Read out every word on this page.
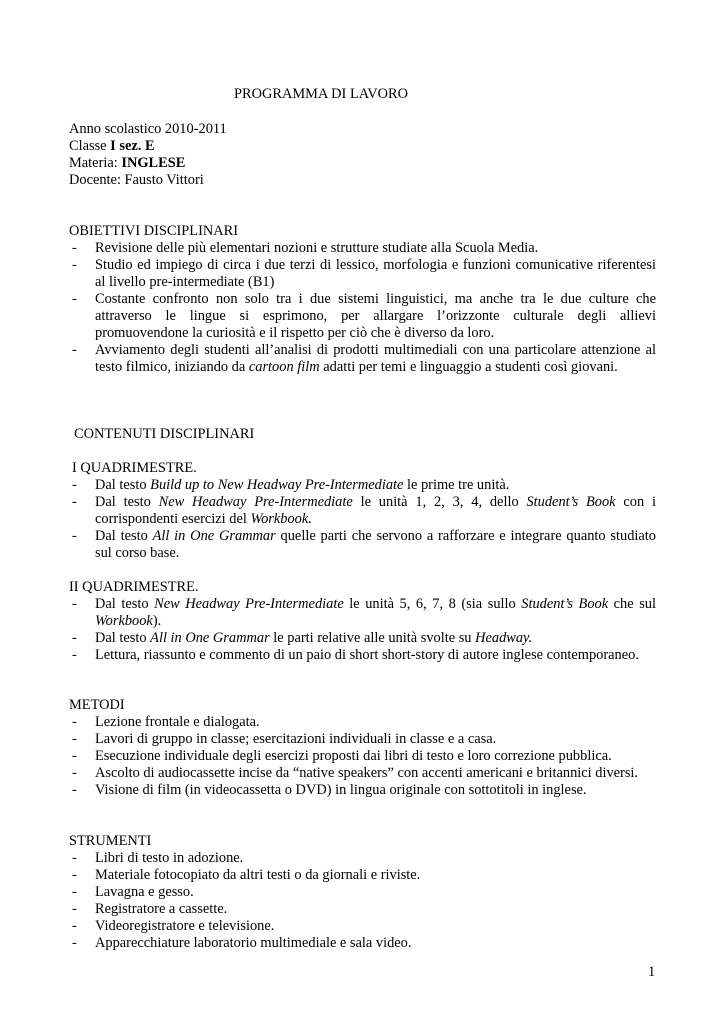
PROGRAMMA DI LAVORO
Anno scolastico 2010-2011
Classe I sez. E
Materia: INGLESE
Docente: Fausto Vittori
OBIETTIVI DISCIPLINARI
- Revisione delle più elementari nozioni e strutture studiate alla Scuola Media.
- Studio ed impiego di circa i due terzi di lessico, morfologia e funzioni comunicative riferentesi
al livello pre-intermediate (B1)
- Costante confronto non solo tra i due sistemi linguistici, ma anche tra le due culture che
attraverso le lingue si esprimono, per allargare l’orizzonte culturale degli allievi
promuovendone la curiosità e il rispetto per ciò che è diverso da loro.
- Avviamento degli studenti all’analisi di prodotti multimediali con una particolare attenzione al
testo filmico, iniziando da cartoon film adatti per temi e linguaggio a studenti così giovani.
CONTENUTI DISCIPLINARI
I QUADRIMESTRE.
- Dal testo Build up to New Headway Pre-Intermediate le prime tre unità.
- Dal testo New Headway Pre-Intermediate le unità 1, 2, 3, 4, dello Student’s Book con i
corrispondenti esercizi del Workbook.
- Dal testo All in One Grammar quelle parti che servono a rafforzare e integrare quanto studiato
sul corso base.
II QUADRIMESTRE.
- Dal testo New Headway Pre-Intermediate le unità 5, 6, 7, 8 (sia sullo Student’s Book che sul
Workbook).
- Dal testo All in One Grammar le parti relative alle unità svolte su Headway.
- Lettura, riassunto e commento di un paio di short short-story di autore inglese contemporaneo.
METODI
- Lezione frontale e dialogata.
- Lavori di gruppo in classe; esercitazioni individuali in classe e a casa.
- Esecuzione individuale degli esercizi proposti dai libri di testo e loro correzione pubblica.
- Ascolto di audiocassette incise da “native speakers” con accenti americani e britannici diversi.
- Visione di film (in videocassetta o DVD) in lingua originale con sottotitoli in inglese.
STRUMENTI
- Libri di testo in adozione.
- Materiale fotocopiato da altri testi o da giornali e riviste.
- Lavagna e gesso.
- Registratore a cassette.
- Videoregistratore e televisione.
- Apparecchiature laboratorio multimediale e sala video.
1
